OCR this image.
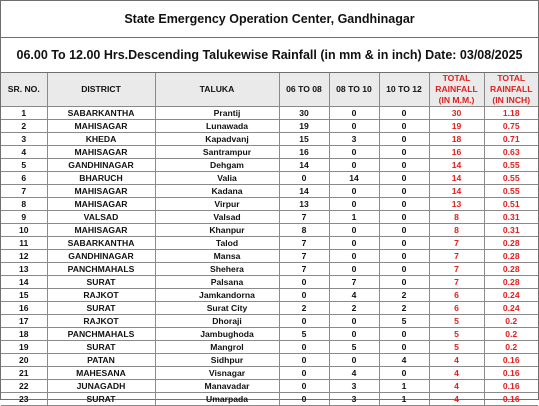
State Emergency Operation Center, Gandhinagar
06.00 To 12.00 Hrs.Descending Talukewise Rainfall (in mm & in inch) Date: 03/08/2025
SR. NO.	DISTRICT	TALUKA	06 TO 08	08 TO 10	10 TO 12	TOTAL RAINFALL (IN M.M.)	TOTAL RAINFALL (IN INCH)
1	SABARKANTHA	Prantij	30	0	0	30	1.18
2	MAHISAGAR	Lunawada	19	0	0	19	0.75
3	KHEDA	Kapadvanj	15	3	0	18	0.71
4	MAHISAGAR	Santrampur	16	0	0	16	0.63
5	GANDHINAGAR	Dehgam	14	0	0	14	0.55
6	BHARUCH	Valia	0	14	0	14	0.55
7	MAHISAGAR	Kadana	14	0	0	14	0.55
8	MAHISAGAR	Virpur	13	0	0	13	0.51
9	VALSAD	Valsad	7	1	0	8	0.31
10	MAHISAGAR	Khanpur	8	0	0	8	0.31
11	SABARKANTHA	Talod	7	0	0	7	0.28
12	GANDHINAGAR	Mansa	7	0	0	7	0.28
13	PANCHMAHALS	Shehera	7	0	0	7	0.28
14	SURAT	Palsana	0	7	0	7	0.28
15	RAJKOT	Jamkandorna	0	4	2	6	0.24
16	SURAT	Surat City	2	2	2	6	0.24
17	RAJKOT	Dhoraji	0	0	5	5	0.2
18	PANCHMAHALS	Jambughoda	5	0	0	5	0.2
19	SURAT	Mangrol	0	5	0	5	0.2
20	PATAN	Sidhpur	0	0	4	4	0.16
21	MAHESANA	Visnagar	0	4	0	4	0.16
22	JUNAGADH	Manavadar	0	3	1	4	0.16
23	SURAT	Umarpada	0	3	1	4	0.16
